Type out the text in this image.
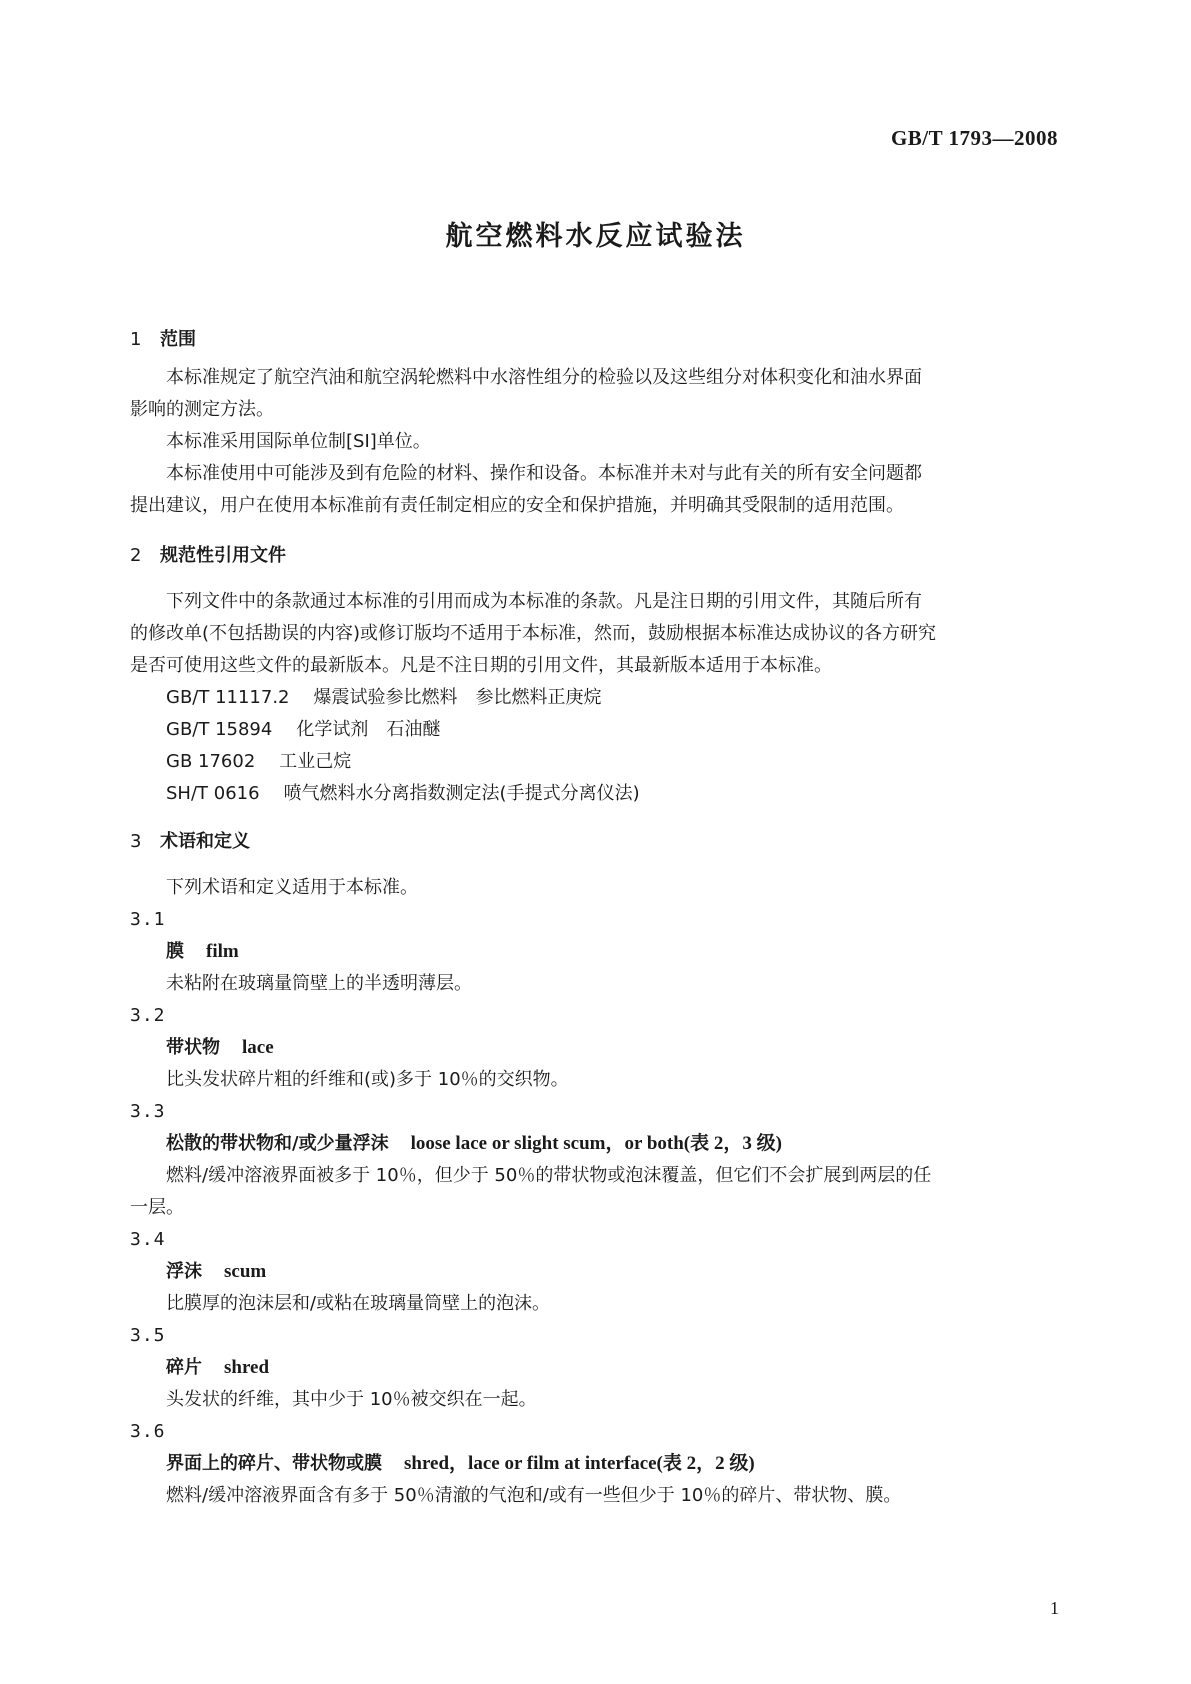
GB/T 1793—2008
航空燃料水反应试验法
1 范围

本标准规定了航空汽油和航空涡轮燃料中水溶性组分的检验以及这些组分对体积变化和油水界面

影响的测定方法。

本标准采用国际单位制[SI]单位。

本标准使用中可能涉及到有危险的材料、操作和设备。本标准并未对与此有关的所有安全问题都

提出建议，用户在使用本标准前有责任制定相应的安全和保护措施，并明确其受限制的适用范围。

2 规范性引用文件

下列文件中的条款通过本标准的引用而成为本标准的条款。凡是注日期的引用文件，其随后所有

的修改单(不包括勘误的内容)或修订版均不适用于本标准，然而，鼓励根据本标准达成协议的各方研究

是否可使用这些文件的最新版本。凡是不注日期的引用文件，其最新版本适用于本标准。

GB/T 11117.2 爆震试验参比燃料　参比燃料正庚烷
GB/T 15894 化学试剂　石油醚
GB 17602 工业己烷
SH/T 0616 喷气燃料水分离指数测定法(手提式分离仪法)
3 术语和定义

下列术语和定义适用于本标准。

3.1
膜 film
未粘附在玻璃量筒壁上的半透明薄层。
3.2
带状物 lace
比头发状碎片粗的纤维和(或)多于 10％的交织物。
3.3
松散的带状物和/或少量浮沫 loose lace or slight scum，or both(表 2，3 级)
燃料/缓冲溶液界面被多于 10％，但少于 50％的带状物或泡沫覆盖，但它们不会扩展到两层的任
一层。
3.4
浮沫 scum
比膜厚的泡沫层和/或粘在玻璃量筒壁上的泡沫。
3.5
碎片 shred
头发状的纤维，其中少于 10％被交织在一起。
3.6
界面上的碎片、带状物或膜 shred，lace or film at interface(表 2，2 级)
燃料/缓冲溶液界面含有多于 50％清澈的气泡和/或有一些但少于 10％的碎片、带状物、膜。
1
